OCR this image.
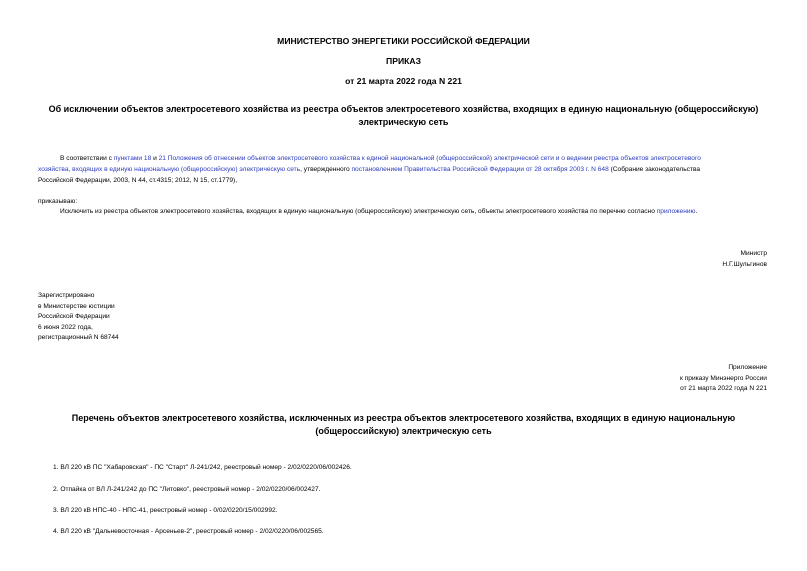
МИНИСТЕРСТВО ЭНЕРГЕТИКИ РОССИЙСКОЙ ФЕДЕРАЦИИ
ПРИКАЗ
от 21 марта 2022 года N 221
Об исключении объектов электросетевого хозяйства из реестра объектов электросетевого хозяйства, входящих в единую национальную (общероссийскую)
электрическую сеть
В соответствии с пунктами 18 и 21 Положения об отнесении объектов электросетевого хозяйства к единой национальной (общероссийской) электрической сети и о ведении реестра объектов электросетевого
хозяйства, входящих в единую национальную (общероссийскую) электрическую сеть, утвержденного постановлением Правительства Российской Федерации от 28 октября 2003 г. N 648 (Собрание законодательства
Российской Федерации, 2003, N 44, ст.4315; 2012, N 15, ст.1779),
приказываю:
Исключить из реестра объектов электросетевого хозяйства, входящих в единую национальную (общероссийскую) электрическую сеть, объекты электросетевого хозяйства по перечню согласно приложению.
Министр
Н.Г.Шульгинов
Зарегистрировано
в Министерстве юстиции
Российской Федерации
6 июня 2022 года,
регистрационный N 68744
Приложение
к приказу Минэнерго России
от 21 марта 2022 года N 221
Перечень объектов электросетевого хозяйства, исключенных из реестра объектов электросетевого хозяйства, входящих в единую национальную
(общероссийскую) электрическую сеть
1. ВЛ 220 кВ ПС "Хабаровская" - ПС "Старт" Л-241/242, реестровый номер - 2/02/0220/06/002426.
2. Отпайка от ВЛ Л-241/242 до ПС "Литовко", реестровый номер - 2/02/0220/06/002427.
3. ВЛ 220 кВ НПС-40 - НПС-41, реестровый номер - 0/02/0220/15/002992.
4. ВЛ 220 кВ "Дальневосточная - Арсеньев-2", реестровый номер - 2/02/0220/06/002565.
